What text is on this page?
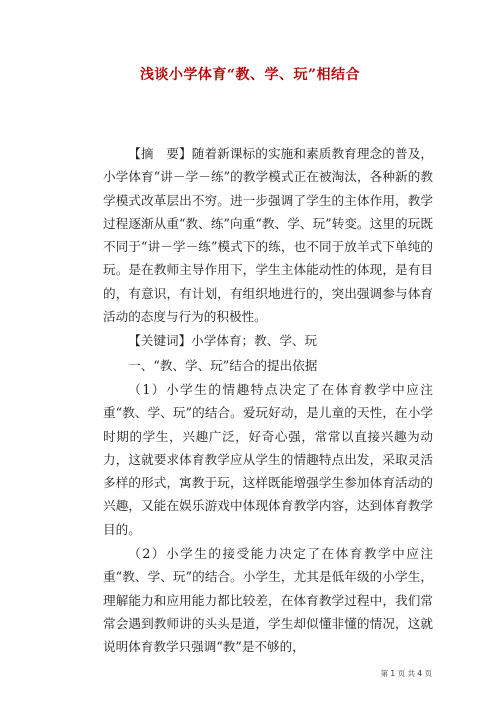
浅谈小学体育“教、学、玩”相结合

【摘　要】随着新课标的实施和素质教育理念的普及，小学体育“讲－学－练”的教学模式正在被淘汰，各种新的教学模式改革层出不穷。进一步强调了学生的主体作用，教学过程逐渐从重“教、练”向重“教、学、玩”转变。这里的玩既不同于“讲－学－练”模式下的练，也不同于放羊式下单纯的玩。是在教师主导作用下，学生主体能动性的体现，是有目的，有意识，有计划，有组织地进行的，突出强调参与体育活动的态度与行为的积极性。

【关键词】小学体育；教、学、玩

一、“教、学、玩”结合的提出依据

（1）小学生的情趣特点决定了在体育教学中应注重“教、学、玩”的结合。爱玩好动，是儿童的天性，在小学时期的学生，兴趣广泛，好奇心强，常常以直接兴趣为动力，这就要求体育教学应从学生的情趣特点出发，采取灵活多样的形式，寓教于玩，这样既能增强学生参加体育活动的兴趣，又能在娱乐游戏中体现体育教学内容，达到体育教学目的。

（2）小学生的接受能力决定了在体育教学中应注重“教、学、玩”的结合。小学生，尤其是低年级的小学生，理解能力和应用能力都比较差，在体育教学过程中，我们常常会遇到教师讲的头头是道，学生却似懂非懂的情况，这就说明体育教学只强调“教”是不够的，

第 1 页 共 4 页
